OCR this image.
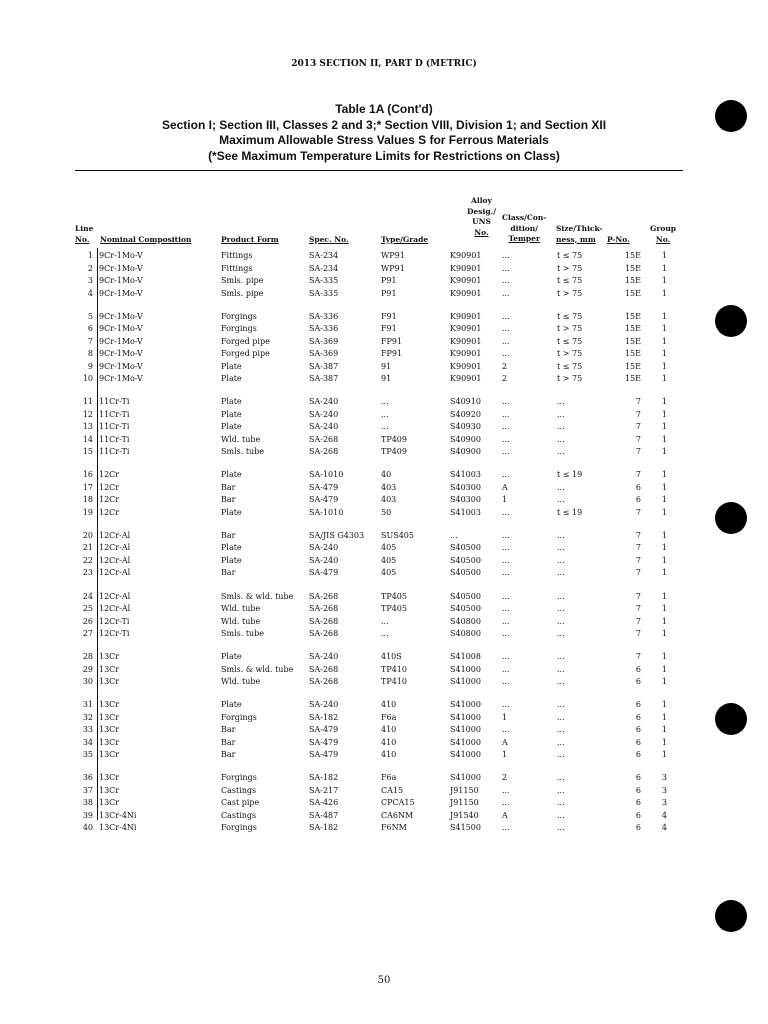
2013 SECTION II, PART D (METRIC)
Table 1A (Cont'd)
Section I; Section III, Classes 2 and 3;* Section VIII, Division 1; and Section XII
Maximum Allowable Stress Values S for Ferrous Materials
(*See Maximum Temperature Limits for Restrictions on Class)
Line
No.	Nominal Composition	Product Form	Spec. No.	Type/Grade
Alloy
Desig./
UNS
No.
Class/Con-
dition/
Temper
Size/Thick-
ness, mm	P-No.
Group
No.
1 9Cr-1Mo-V	Fittings	SA-234	WP91	K90901	...	t ≤ 75	15E	1
2 9Cr-1Mo-V	Fittings	SA-234	WP91	K90901	...	t > 75	15E	1
3 9Cr-1Mo-V	Smls. pipe	SA-335	P91	K90901	...	t ≤ 75	15E	1
4 9Cr-1Mo-V	Smls. pipe	SA-335	P91	K90901	...	t > 75	15E	1
5 9Cr-1Mo-V	Forgings	SA-336	F91	K90901	...	t ≤ 75	15E	1
6 9Cr-1Mo-V	Forgings	SA-336	F91	K90901	...	t > 75	15E	1
7 9Cr-1Mo-V	Forged pipe	SA-369	FP91	K90901	...	t ≤ 75	15E	1
8 9Cr-1Mo-V	Forged pipe	SA-369	FP91	K90901	...	t > 75	15E	1
9 9Cr-1Mo-V	Plate	SA-387	91	K90901	2	t ≤ 75	15E	1
10 9Cr-1Mo-V	Plate	SA-387	91	K90901	2	t > 75	15E	1
11 11Cr-Ti	Plate	SA-240	...	S40910	...	...	7	1
12 11Cr-Ti	Plate	SA-240	...	S40920	...	...	7	1
13 11Cr-Ti	Plate	SA-240	...	S40930	...	...	7	1
14 11Cr-Ti	Wld. tube	SA-268	TP409	S40900	...	...	7	1
15 11Cr-Ti	Smls. tube	SA-268	TP409	S40900	...	...	7	1
16 12Cr	Plate	SA-1010	40	S41003	...	t ≤ 19	7	1
17 12Cr	Bar	SA-479	403	S40300	A	...	6	1
18 12Cr	Bar	SA-479	403	S40300	1	...	6	1
19 12Cr	Plate	SA-1010	50	S41003	...	t ≤ 19	7	1
20 12Cr-Al	Bar	SA/JIS G4303 SUS405	...	...	...	7	1
21 12Cr-Al	Plate	SA-240	405	S40500	...	...	7	1
22 12Cr-Al	Plate	SA-240	405	S40500	...	...	7	1
23 12Cr-Al	Bar	SA-479	405	S40500	...	...	7	1
24 12Cr-Al	Smls. & wld. tube SA-268	TP405	S40500	...	...	7	1
25 12Cr-Al	Wld. tube	SA-268	TP405	S40500	...	...	7	1
26 12Cr-Ti	Wld. tube	SA-268	...	S40800	...	...	7	1
27 12Cr-Ti	Smls. tube	SA-268	...	S40800	...	...	7	1
28 13Cr	Plate	SA-240	410S	S41008	...	...	7	1
29 13Cr	Smls. & wld. tube SA-268	TP410	S41000	...	...	6	1
30 13Cr	Wld. tube	SA-268	TP410	S41000	...	...	6	1
31 13Cr	Plate	SA-240	410	S41000	...	...	6	1
32 13Cr	Forgings	SA-182	F6a	S41000	1	...	6	1
33 13Cr	Bar	SA-479	410	S41000	...	...	6	1
34 13Cr	Bar	SA-479	410	S41000	A	...	6	1
35 13Cr	Bar	SA-479	410	S41000	1	...	6	1
36 13Cr	Forgings	SA-182	F6a	S41000	2	...	6	3
37 13Cr	Castings	SA-217	CA15	J91150	...	...	6	3
38 13Cr	Cast pipe	SA-426	CPCA15	J91150	...	...	6	3
39 13Cr-4Ni	Castings	SA-487	CA6NM	J91540	A	...	6	4
40 13Cr-4Ni	Forgings	SA-182	F6NM	S41500	...	...	6	4
50
